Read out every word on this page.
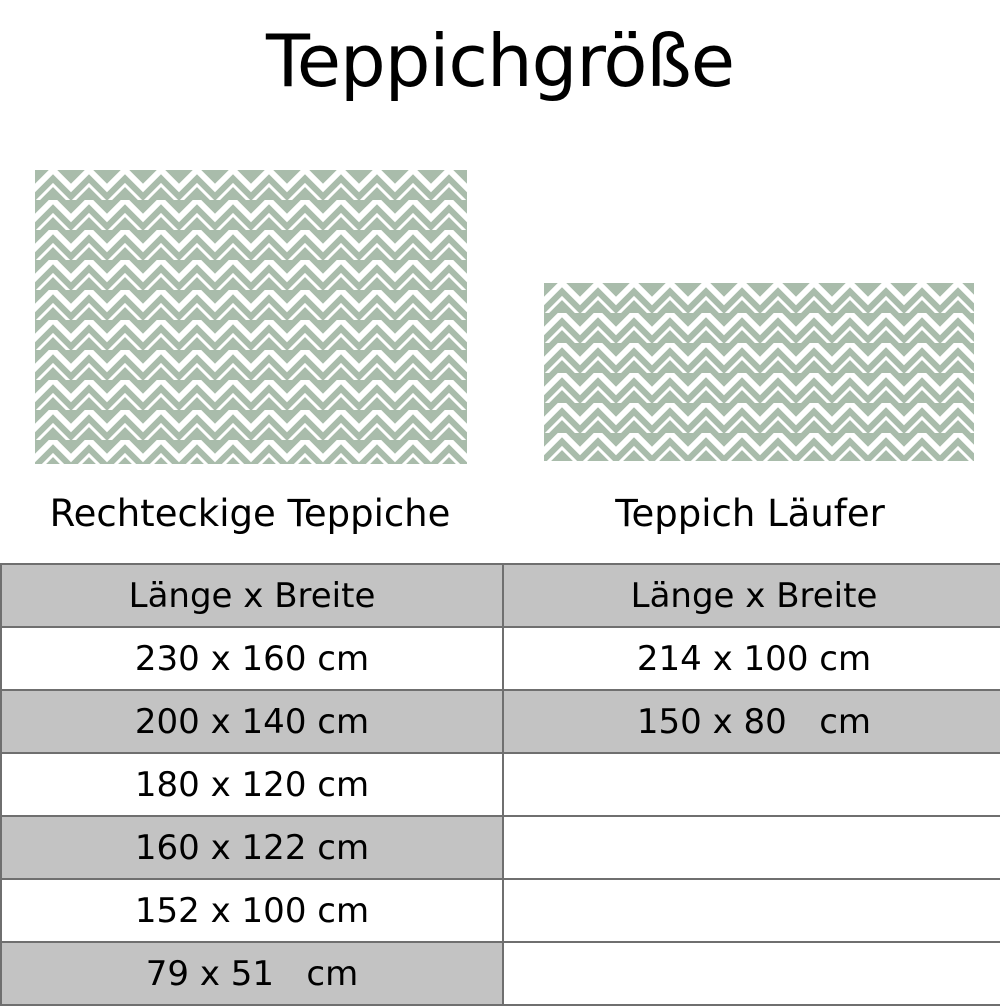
Teppichgröße
Rechteckige Teppiche	Teppich Läufer
Länge x Breite	Länge x Breite

230 x 160 cm	214 x 100 cm

200 x 140 cm	150 x 80   cm

180 x 120 cm	

160 x 122 cm	

152 x 100 cm	

79 x 51   cm	
